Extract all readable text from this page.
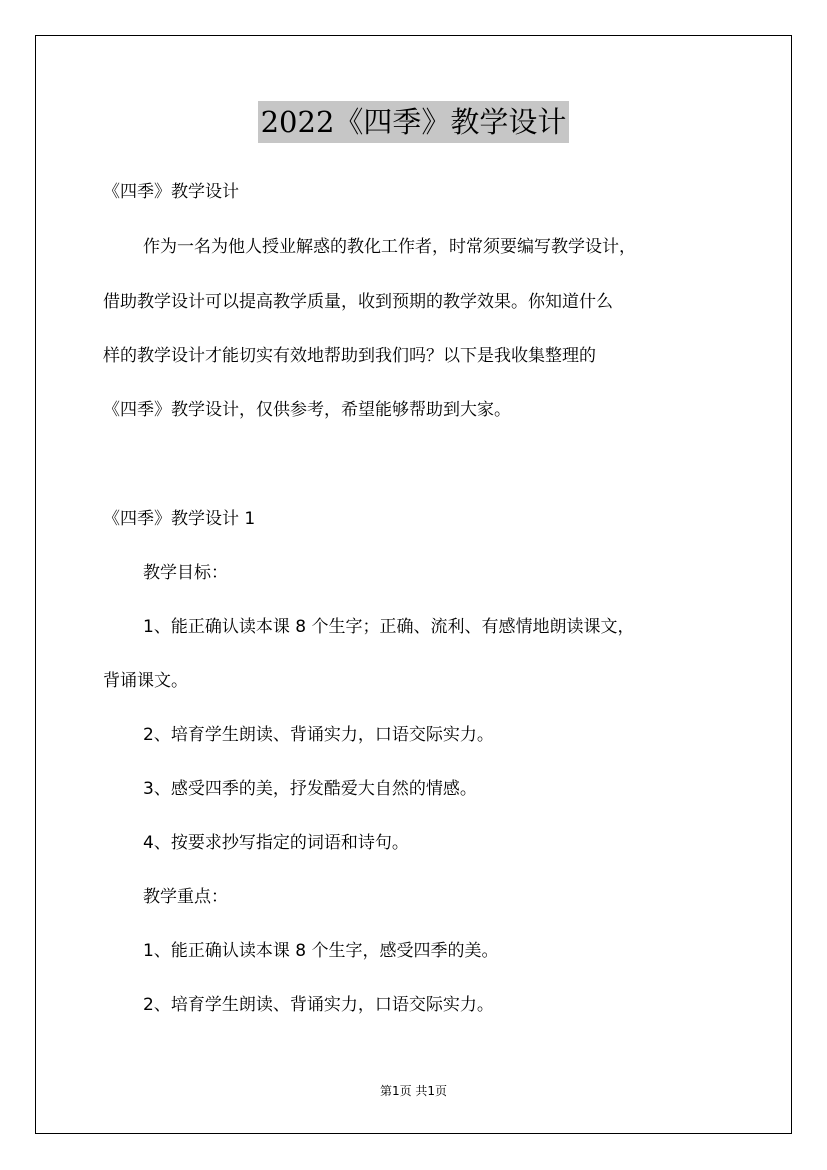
2022《四季》教学设计
《四季》教学设计
作为一名为他人授业解惑的教化工作者，时常须要编写教学设计，
借助教学设计可以提高教学质量，收到预期的教学效果。你知道什么
样的教学设计才能切实有效地帮助到我们吗？以下是我收集整理的
《四季》教学设计，仅供参考，希望能够帮助到大家。
《四季》教学设计 1
教学目标：
1、能正确认读本课 8 个生字；正确、流利、有感情地朗读课文，
背诵课文。
2、培育学生朗读、背诵实力，口语交际实力。
3、感受四季的美，抒发酷爱大自然的情感。
4、按要求抄写指定的词语和诗句。
教学重点：
1、能正确认读本课 8 个生字，感受四季的美。
2、培育学生朗读、背诵实力，口语交际实力。
第1页 共1页
